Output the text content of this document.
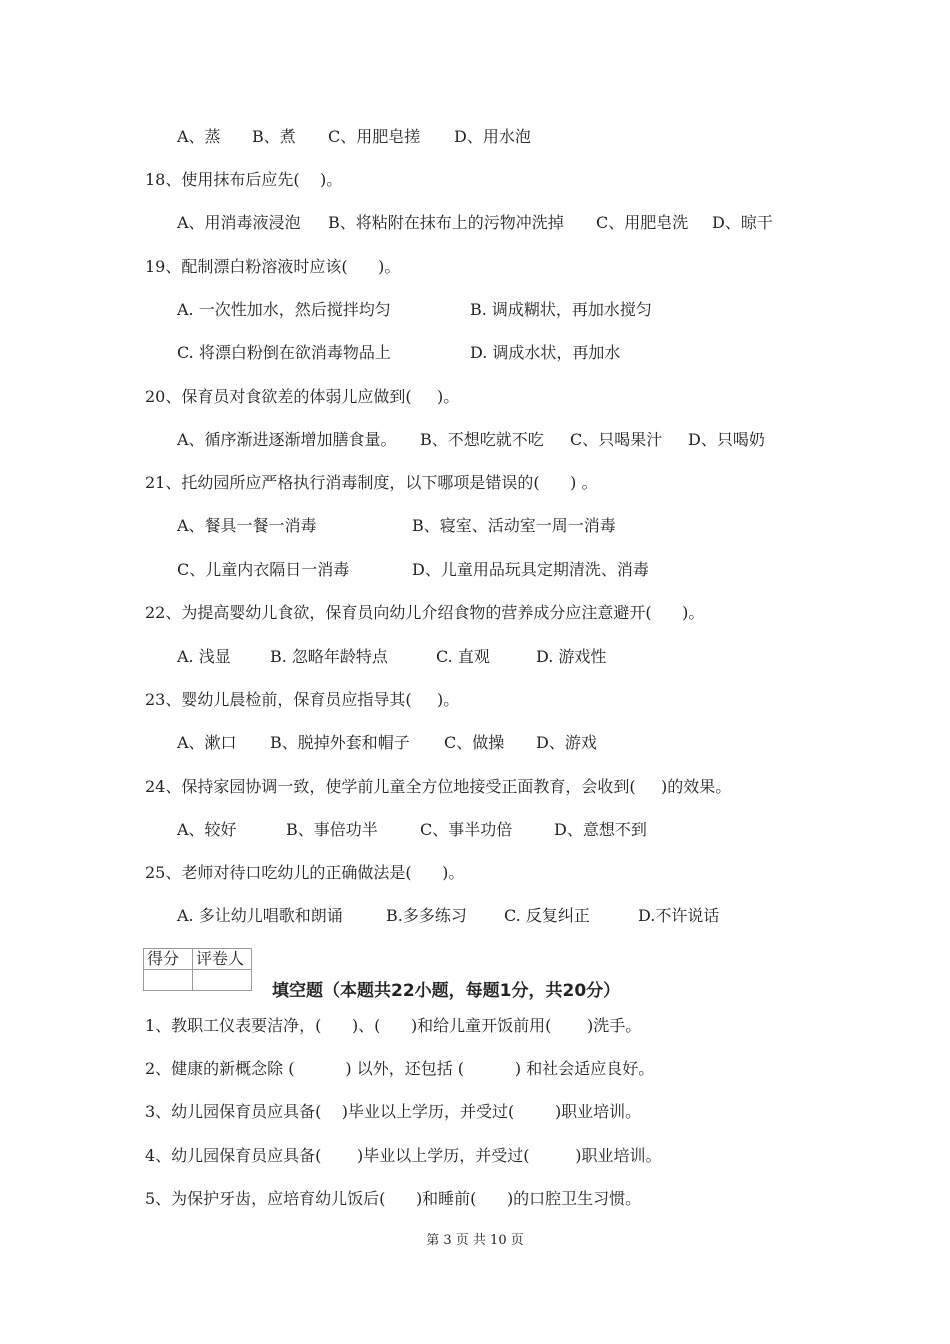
A、蒸

B、煮

C、用肥皂搓

D、用水泡

18、使用抹布后应先(    )。

A、用消毒液浸泡

B、将粘附在抹布上的污物冲洗掉

C、用肥皂洗

D、晾干

19、配制漂白粉溶液时应该(      )。

A. 一次性加水，然后搅拌均匀

	B. 调成糊状，再加水搅匀

C. 将漂白粉倒在欲消毒物品上

	D. 调成水状，再加水

20、保育员对食欲差的体弱儿应做到(     )。

A、循序渐进逐渐增加膳食量。

B、不想吃就不吃

C、只喝果汁

D、只喝奶

21、托幼园所应严格执行消毒制度，以下哪项是错误的(      ) 。

A、餐具一餐一消毒

	B、寝室、活动室一周一消毒

C、儿童内衣隔日一消毒

	D、儿童用品玩具定期清洗、消毒

22、为提高婴幼儿食欲，保育员向幼儿介绍食物的营养成分应注意避开(      )。

A. 浅显

B. 忽略年龄特点

	C. 直观

	D. 游戏性

23、婴幼儿晨检前，保育员应指导其(     )。

A、漱口

B、脱掉外套和帽子

C、做操

D、游戏

24、保持家园协调一致，使学前儿童全方位地接受正面教育，会收到(     )的效果。

A、较好

	B、事倍功半

	C、事半功倍

	D、意想不到

25、老师对待口吃幼儿的正确做法是(      )。

A. 多让幼儿唱歌和朗诵

	B.多多练习

C. 反复纠正

	D.不许说话

得分	评卷人

填空题（本题共22小题，每题1分，共20分）
1、教职工仪表要洁净，(      )、(      )和给儿童开饭前用(       )洗手。
2、健康的新概念除 (          ) 以外，还包括 (          ) 和社会适应良好。
3、幼儿园保育员应具备(    )毕业以上学历，并受过(        )职业培训。
4、幼儿园保育员应具备(       )毕业以上学历，并受过(         )职业培训。
5、为保护牙齿，应培育幼儿饭后(      )和睡前(      )的口腔卫生习惯。
第 3 页 共 10 页
